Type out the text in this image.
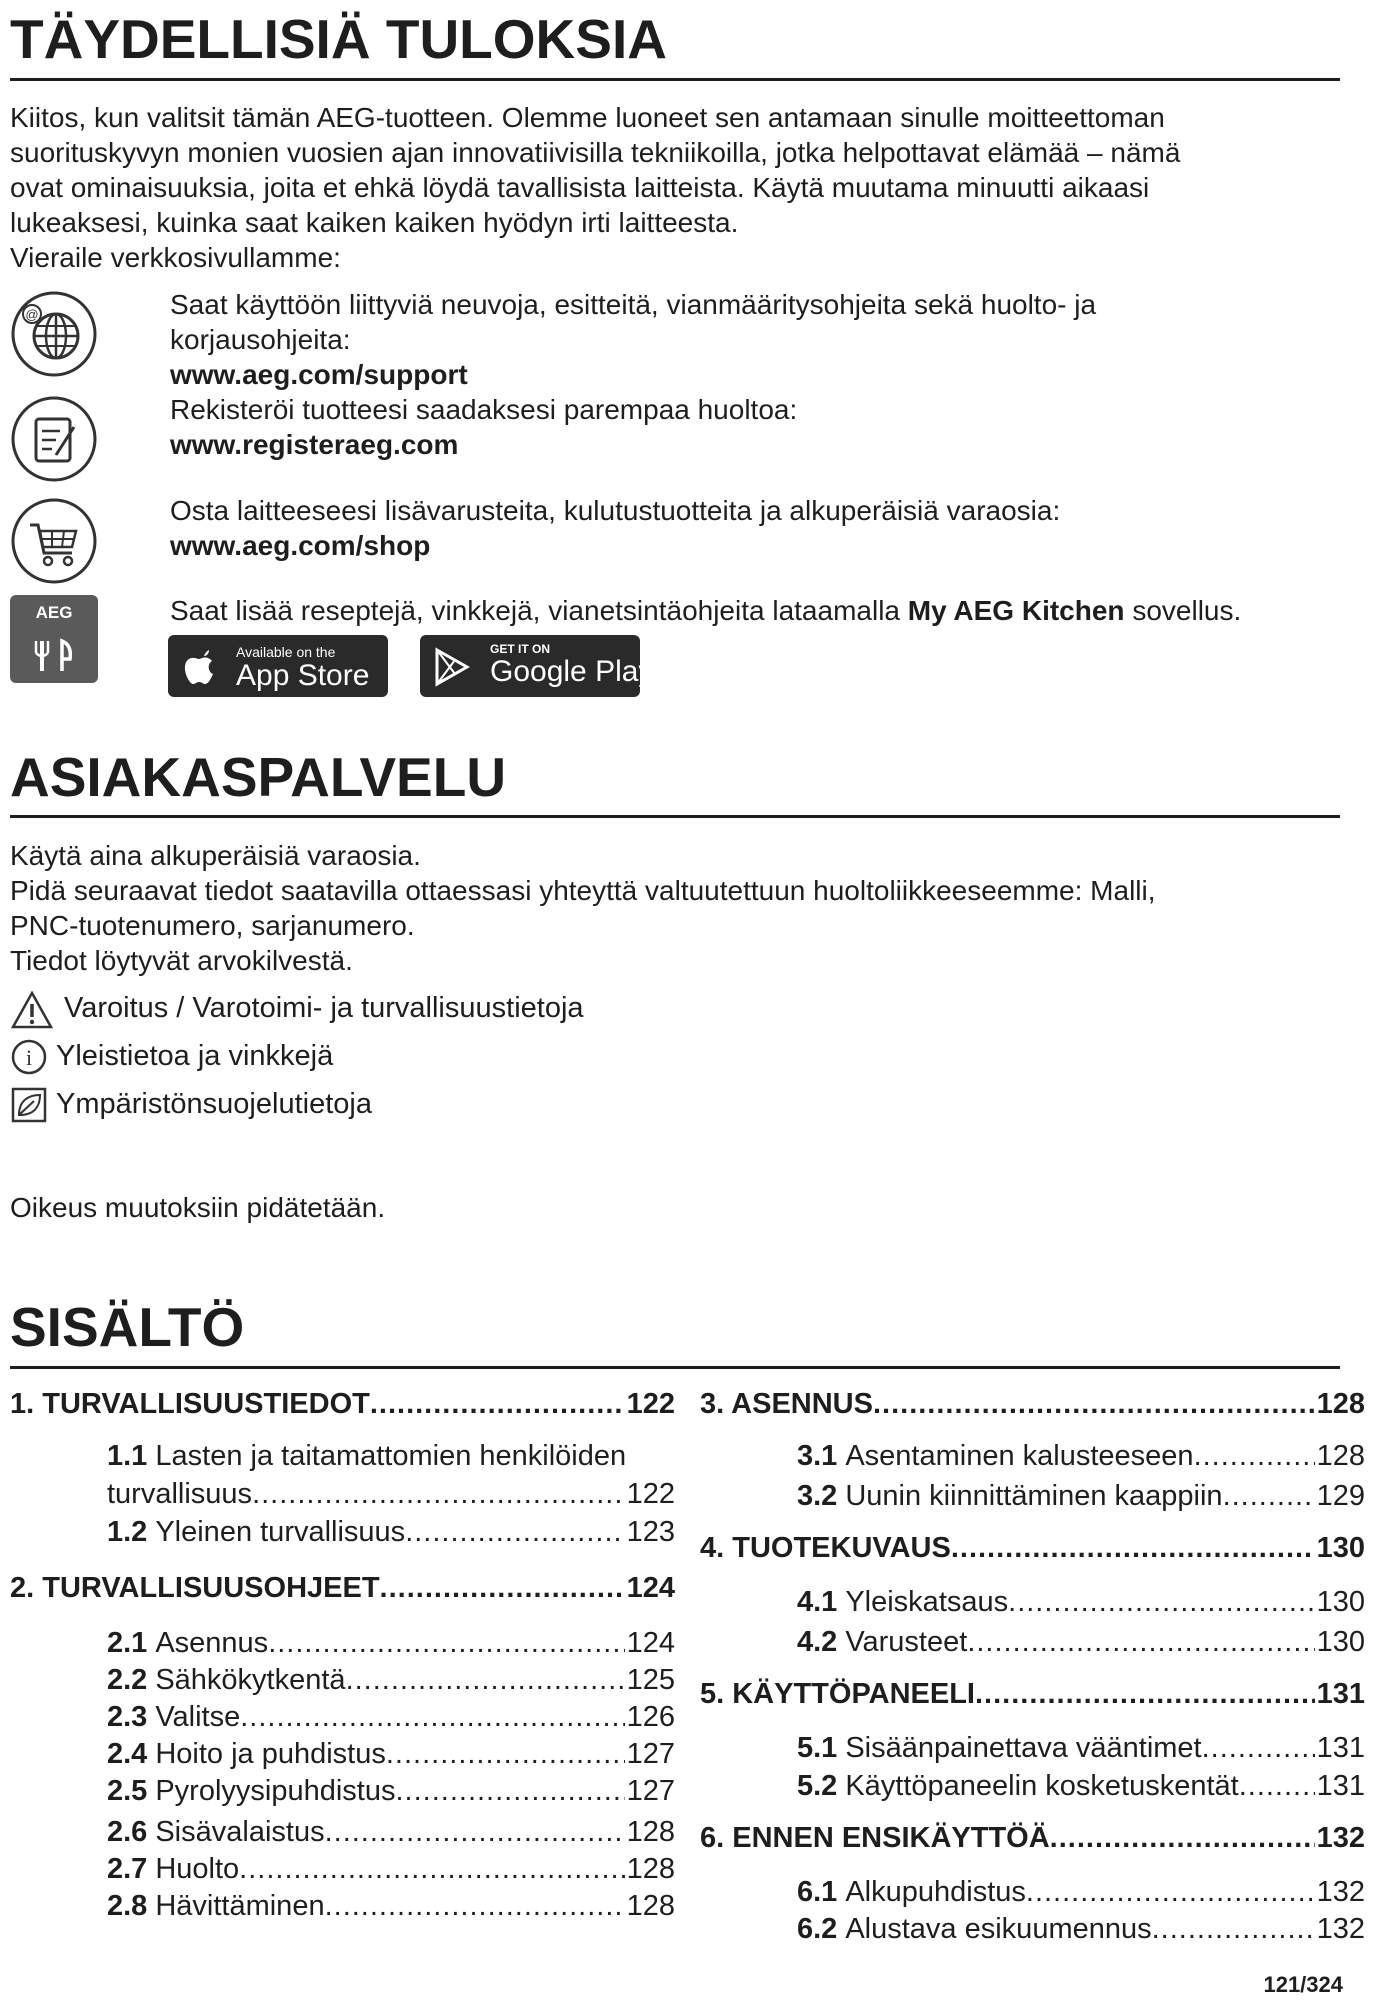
TÄYDELLISIÄ TULOKSIA
Kiitos, kun valitsit tämän AEG-tuotteen. Olemme luoneet sen antamaan sinulle moitteettoman
suorituskyvyn monien vuosien ajan innovatiivisilla tekniikoilla, jotka helpottavat elämää – nämä
ovat ominaisuuksia, joita et ehkä löydä tavallisista laitteista. Käytä muutama minuutti aikaasi
lukeaksesi, kuinka saat kaiken kaiken hyödyn irti laitteesta.
Vieraile verkkosivullamme:
@	Saat käyttöön liittyviä neuvoja, esitteitä, vianmääritysohjeita sekä huolto- ja
korjausohjeita:
www.aeg.com/support
Rekisteröi tuotteesi saadaksesi parempaa huoltoa:
www.registeraeg.com
Osta laitteeseesi lisävarusteita, kulutustuotteita ja alkuperäisiä varaosia:
www.aeg.com/shop
AEG	Saat lisää reseptejä, vinkkejä, vianetsintäohjeita lataamalla My AEG Kitchen sovellus.
Available on the
App Store
GET IT ON
Google Play
ASIAKASPALVELU
Käytä aina alkuperäisiä varaosia.
Pidä seuraavat tiedot saatavilla ottaessasi yhteyttä valtuutettuun huoltoliikkeeseemme: Malli,
PNC-tuotenumero, sarjanumero.
Tiedot löytyvät arvokilvestä.
Varoitus / Varotoimi- ja turvallisuustietoja
i Yleistietoa ja vinkkejä
Ympäristönsuojelutietoja
Oikeus muutoksiin pidätetään.
SISÄLTÖ
1. TURVALLISUUSTIEDOT .....	122
1.1 Lasten ja taitamattomien henkilöiden
turvallisuus .....	122
1.2 Yleinen turvallisuus .....	123
2. TURVALLISUUSOHJEET .....	124
2.1 Asennus .....	124
2.2 Sähkökytkentä .....	125
2.3 Valitse .....	126
2.4 Hoito ja puhdistus .....	127
2.5 Pyrolyysipuhdistus .....	127
2.6 Sisävalaistus .....	128
2.7 Huolto .....	128
2.8 Hävittäminen .....	128
3. ASENNUS .....	128
3.1 Asentaminen kalusteeseen .....	128
3.2 Uunin kiinnittäminen kaappiin .....	129
4. TUOTEKUVAUS .....	130
4.1 Yleiskatsaus .....	130
4.2 Varusteet .....	130
5. KÄYTTÖPANEELI .....	131
5.1 Sisäänpainettava vääntimet .....	131
5.2 Käyttöpaneelin kosketuskentät .....	131
6. ENNEN ENSIKÄYTTÖÄ .....	132
6.1 Alkupuhdistus .....	132
6.2 Alustava esikuumennus .....	132
121/324
